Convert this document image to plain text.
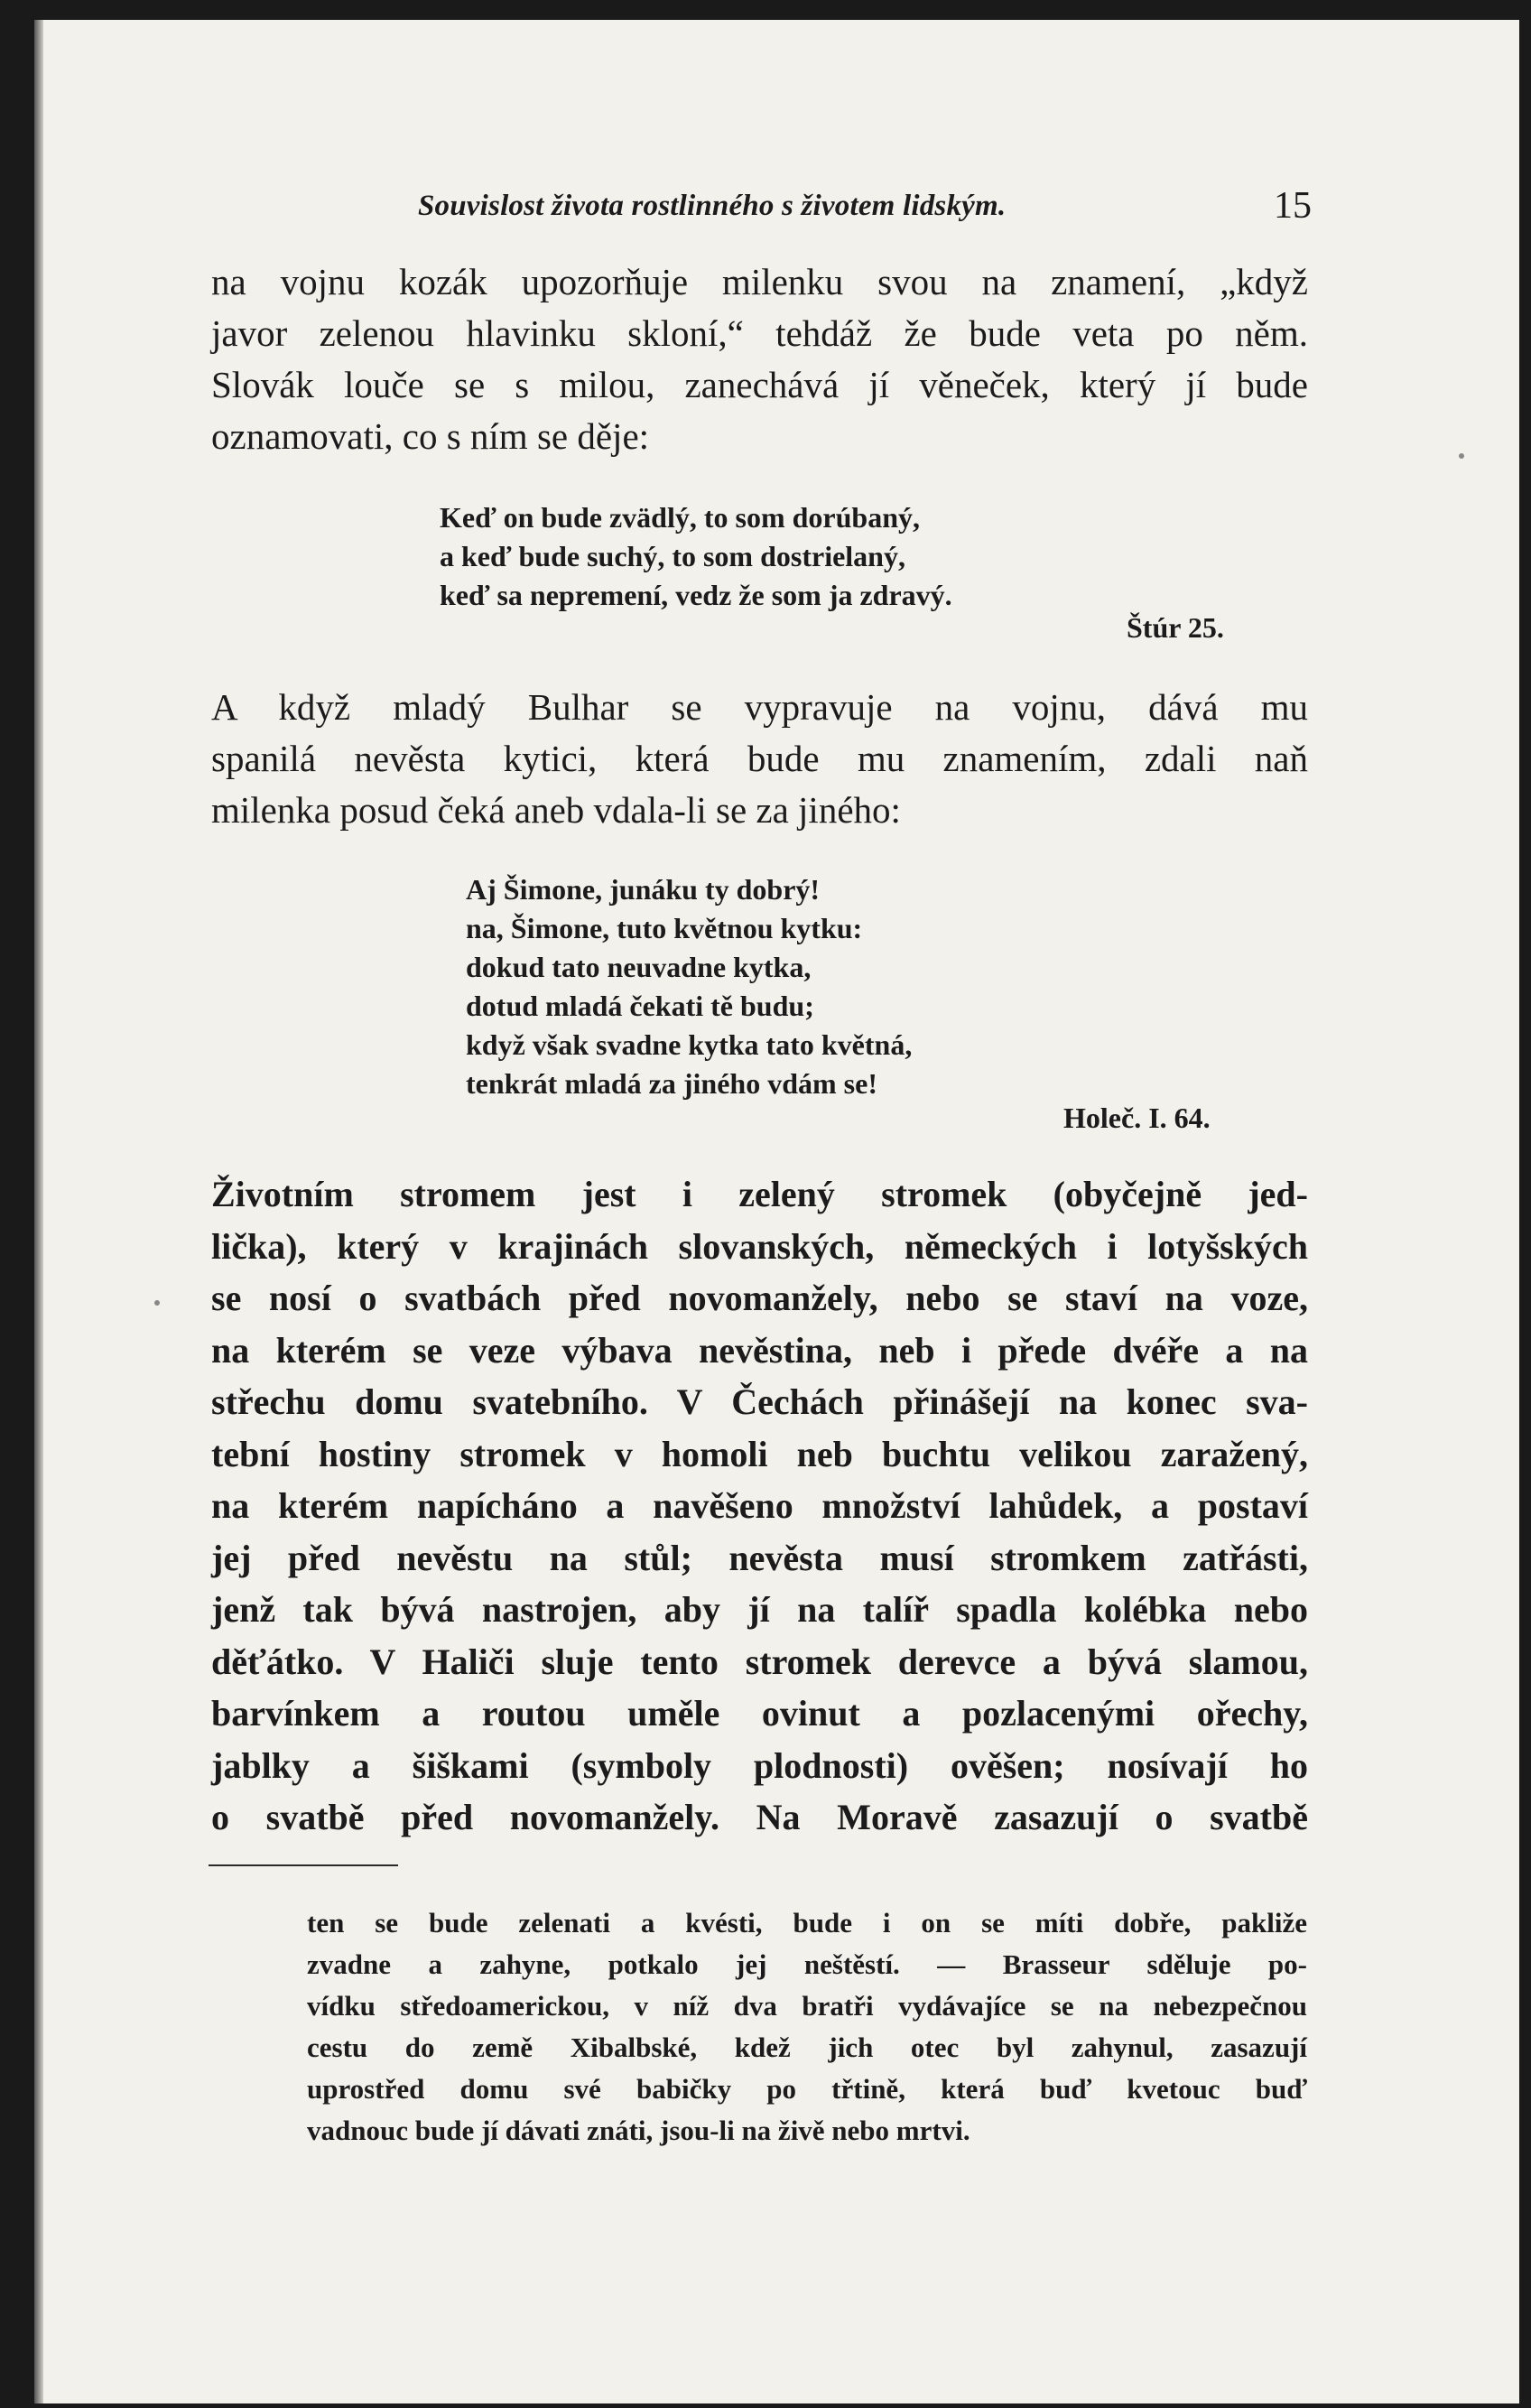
Souvislost života rostlinného s životem lidským.	15
na vojnu kozák upozorňuje milenku svou na znamení, „když
javor zelenou hlavinku skloní,“ tehdáž že bude veta po něm.
Slovák louče se s milou, zanechává jí věneček, který jí bude
oznamovati, co s ním se děje:
Keď on bude zvädlý, to som dorúbaný,
a keď bude suchý, to som dostrielaný,
keď sa nepremení, vedz že som ja zdravý.
Štúr 25.
A když mladý Bulhar se vypravuje na vojnu, dává mu
spanilá nevěsta kytici, která bude mu znamením, zdali naň
milenka posud čeká aneb vdala-li se za jiného:
Aj Šimone, junáku ty dobrý!
na, Šimone, tuto květnou kytku:
dokud tato neuvadne kytka,
dotud mladá čekati tě budu;
když však svadne kytka tato květná,
tenkrát mladá za jiného vdám se!
Holeč. I. 64.
Životním stromem jest i zelený stromek (obyčejně jed-
lička), který v krajinách slovanských, německých i lotyšských
se nosí o svatbách před novomanžely, nebo se staví na voze,
na kterém se veze výbava nevěstina, neb i přede dvéře a na
střechu domu svatebního. V Čechách přinášejí na konec sva-
tební hostiny stromek v homoli neb buchtu velikou zaražený,
na kterém napícháno a navěšeno množství lahůdek, a postaví
jej před nevěstu na stůl; nevěsta musí stromkem zatřásti,
jenž tak bývá nastrojen, aby jí na talíř spadla kolébka nebo
děťátko. V Haliči sluje tento stromek derevce a bývá slamou,
barvínkem a routou uměle ovinut a pozlacenými ořechy,
jablky a šiškami (symboly plodnosti) ověšen; nosívají ho
o svatbě před novomanžely. Na Moravě zasazují o svatbě
ten se bude zelenati a kvésti, bude i on se míti dobře, pakliže
zvadne a zahyne, potkalo jej neštěstí. — Brasseur sděluje po-
vídku středoamerickou, v níž dva bratři vydávajíce se na nebezpečnou
cestu do země Xibalbské, kdež jich otec byl zahynul, zasazují
uprostřed domu své babičky po třtině, která buď kvetouc buď
vadnouc bude jí dávati znáti, jsou-li na živě nebo mrtvi.
